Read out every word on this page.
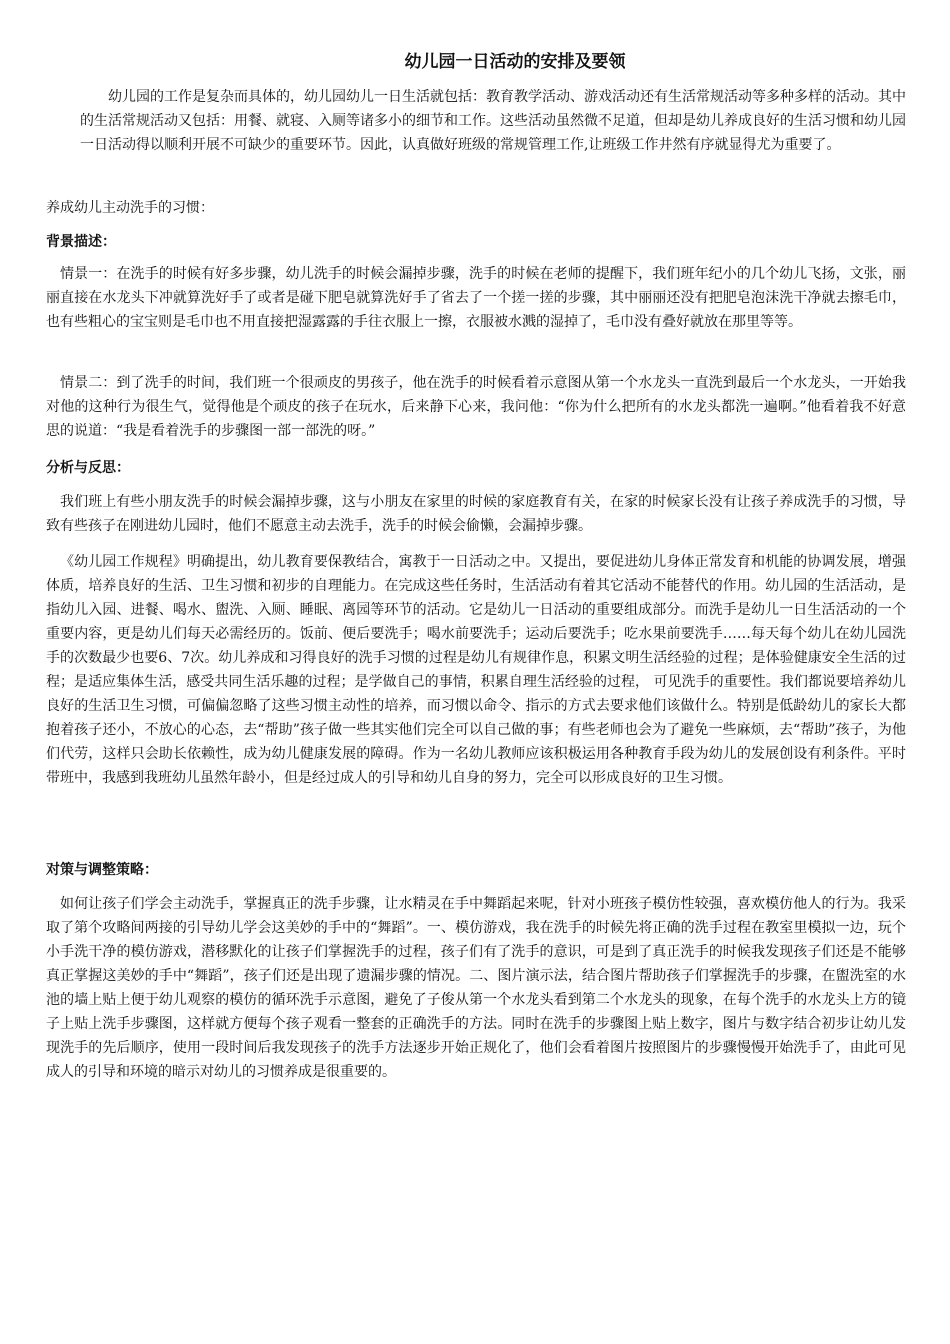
幼儿园一日活动的安排及要领

幼儿园的工作是复杂而具体的，幼儿园幼儿一日生活就包括：教育教学活动、游戏活动还有生活常规活动等多种多样的活动。其中的生活常规活动又包括：用餐、就寝、入厕等诸多小的细节和工作。这些活动虽然微不足道，但却是幼儿养成良好的生活习惯和幼儿园一日活动得以顺利开展不可缺少的重要环节。因此，认真做好班级的常规管理工作,让班级工作井然有序就显得尤为重要了。

养成幼儿主动洗手的习惯：

背景描述：

情景一：在洗手的时候有好多步骤，幼儿洗手的时候会漏掉步骤，洗手的时候在老师的提醒下，我们班年纪小的几个幼儿飞扬，文张，丽丽直接在水龙头下冲就算洗好手了或者是碰下肥皂就算洗好手了省去了一个搓一搓的步骤，其中丽丽还没有把肥皂泡沫洗干净就去擦毛巾，也有些粗心的宝宝则是毛巾也不用直接把湿露露的手往衣服上一擦，衣服被水溅的湿掉了，毛巾没有叠好就放在那里等等。

情景二：到了洗手的时间，我们班一个很顽皮的男孩子，他在洗手的时候看着示意图从第一个水龙头一直洗到最后一个水龙头，一开始我对他的这种行为很生气，觉得他是个顽皮的孩子在玩水，后来静下心来，我问他：“你为什么把所有的水龙头都洗一遍啊。”他看着我不好意思的说道：“我是看着洗手的步骤图一部一部洗的呀。”

分析与反思：

我们班上有些小朋友洗手的时候会漏掉步骤，这与小朋友在家里的时候的家庭教育有关，在家的时候家长没有让孩子养成洗手的习惯，导致有些孩子在刚进幼儿园时，他们不愿意主动去洗手，洗手的时候会偷懒，会漏掉步骤。

《幼儿园工作规程》明确提出，幼儿教育要保教结合，寓教于一日活动之中。又提出，要促进幼儿身体正常发育和机能的协调发展，增强体质，培养良好的生活、卫生习惯和初步的自理能力。在完成这些任务时，生活活动有着其它活动不能替代的作用。幼儿园的生活活动，是指幼儿入园、进餐、喝水、盥洗、入厕、睡眠、离园等环节的活动。它是幼儿一日活动的重要组成部分。而洗手是幼儿一日生活活动的一个重要内容，更是幼儿们每天必需经历的。饭前、便后要洗手；喝水前要洗手；运动后要洗手；吃水果前要洗手……每天每个幼儿在幼儿园洗手的次数最少也要6、7次。幼儿养成和习得良好的洗手习惯的过程是幼儿有规律作息，积累文明生活经验的过程；是体验健康安全生活的过程；是适应集体生活，感受共同生活乐趣的过程；是学做自己的事情，积累自理生活经验的过程， 可见洗手的重要性。我们都说要培养幼儿良好的生活卫生习惯，可偏偏忽略了这些习惯主动性的培养，而习惯以命令、指示的方式去要求他们该做什么。特别是低龄幼儿的家长大都抱着孩子还小，不放心的心态，去“帮助”孩子做一些其实他们完全可以自己做的事；有些老师也会为了避免一些麻烦，去“帮助”孩子，为他们代劳，这样只会助长依赖性，成为幼儿健康发展的障碍。作为一名幼儿教师应该积极运用各种教育手段为幼儿的发展创设有利条件。平时带班中，我感到我班幼儿虽然年龄小，但是经过成人的引导和幼儿自身的努力，完全可以形成良好的卫生习惯。

对策与调整策略：

如何让孩子们学会主动洗手，掌握真正的洗手步骤，让水精灵在手中舞蹈起来呢，针对小班孩子模仿性较强，喜欢模仿他人的行为。我采取了第个攻略间两接的引导幼儿学会这美妙的手中的“舞蹈”。一、模仿游戏，我在洗手的时候先将正确的洗手过程在教室里模拟一边，玩个小手洗干净的模仿游戏，潜移默化的让孩子们掌握洗手的过程，孩子们有了洗手的意识，可是到了真正洗手的时候我发现孩子们还是不能够真正掌握这美妙的手中“舞蹈”，孩子们还是出现了遗漏步骤的情况。二、图片演示法，结合图片帮助孩子们掌握洗手的步骤，在盥洗室的水池的墙上贴上便于幼儿观察的模仿的循环洗手示意图，避免了子俊从第一个水龙头看到第二个水龙头的现象，在每个洗手的水龙头上方的镜子上贴上洗手步骤图，这样就方便每个孩子观看一整套的正确洗手的方法。同时在洗手的步骤图上贴上数字，图片与数字结合初步让幼儿发现洗手的先后顺序，使用一段时间后我发现孩子的洗手方法逐步开始正规化了，他们会看着图片按照图片的步骤慢慢开始洗手了，由此可见成人的引导和环境的暗示对幼儿的习惯养成是很重要的。
